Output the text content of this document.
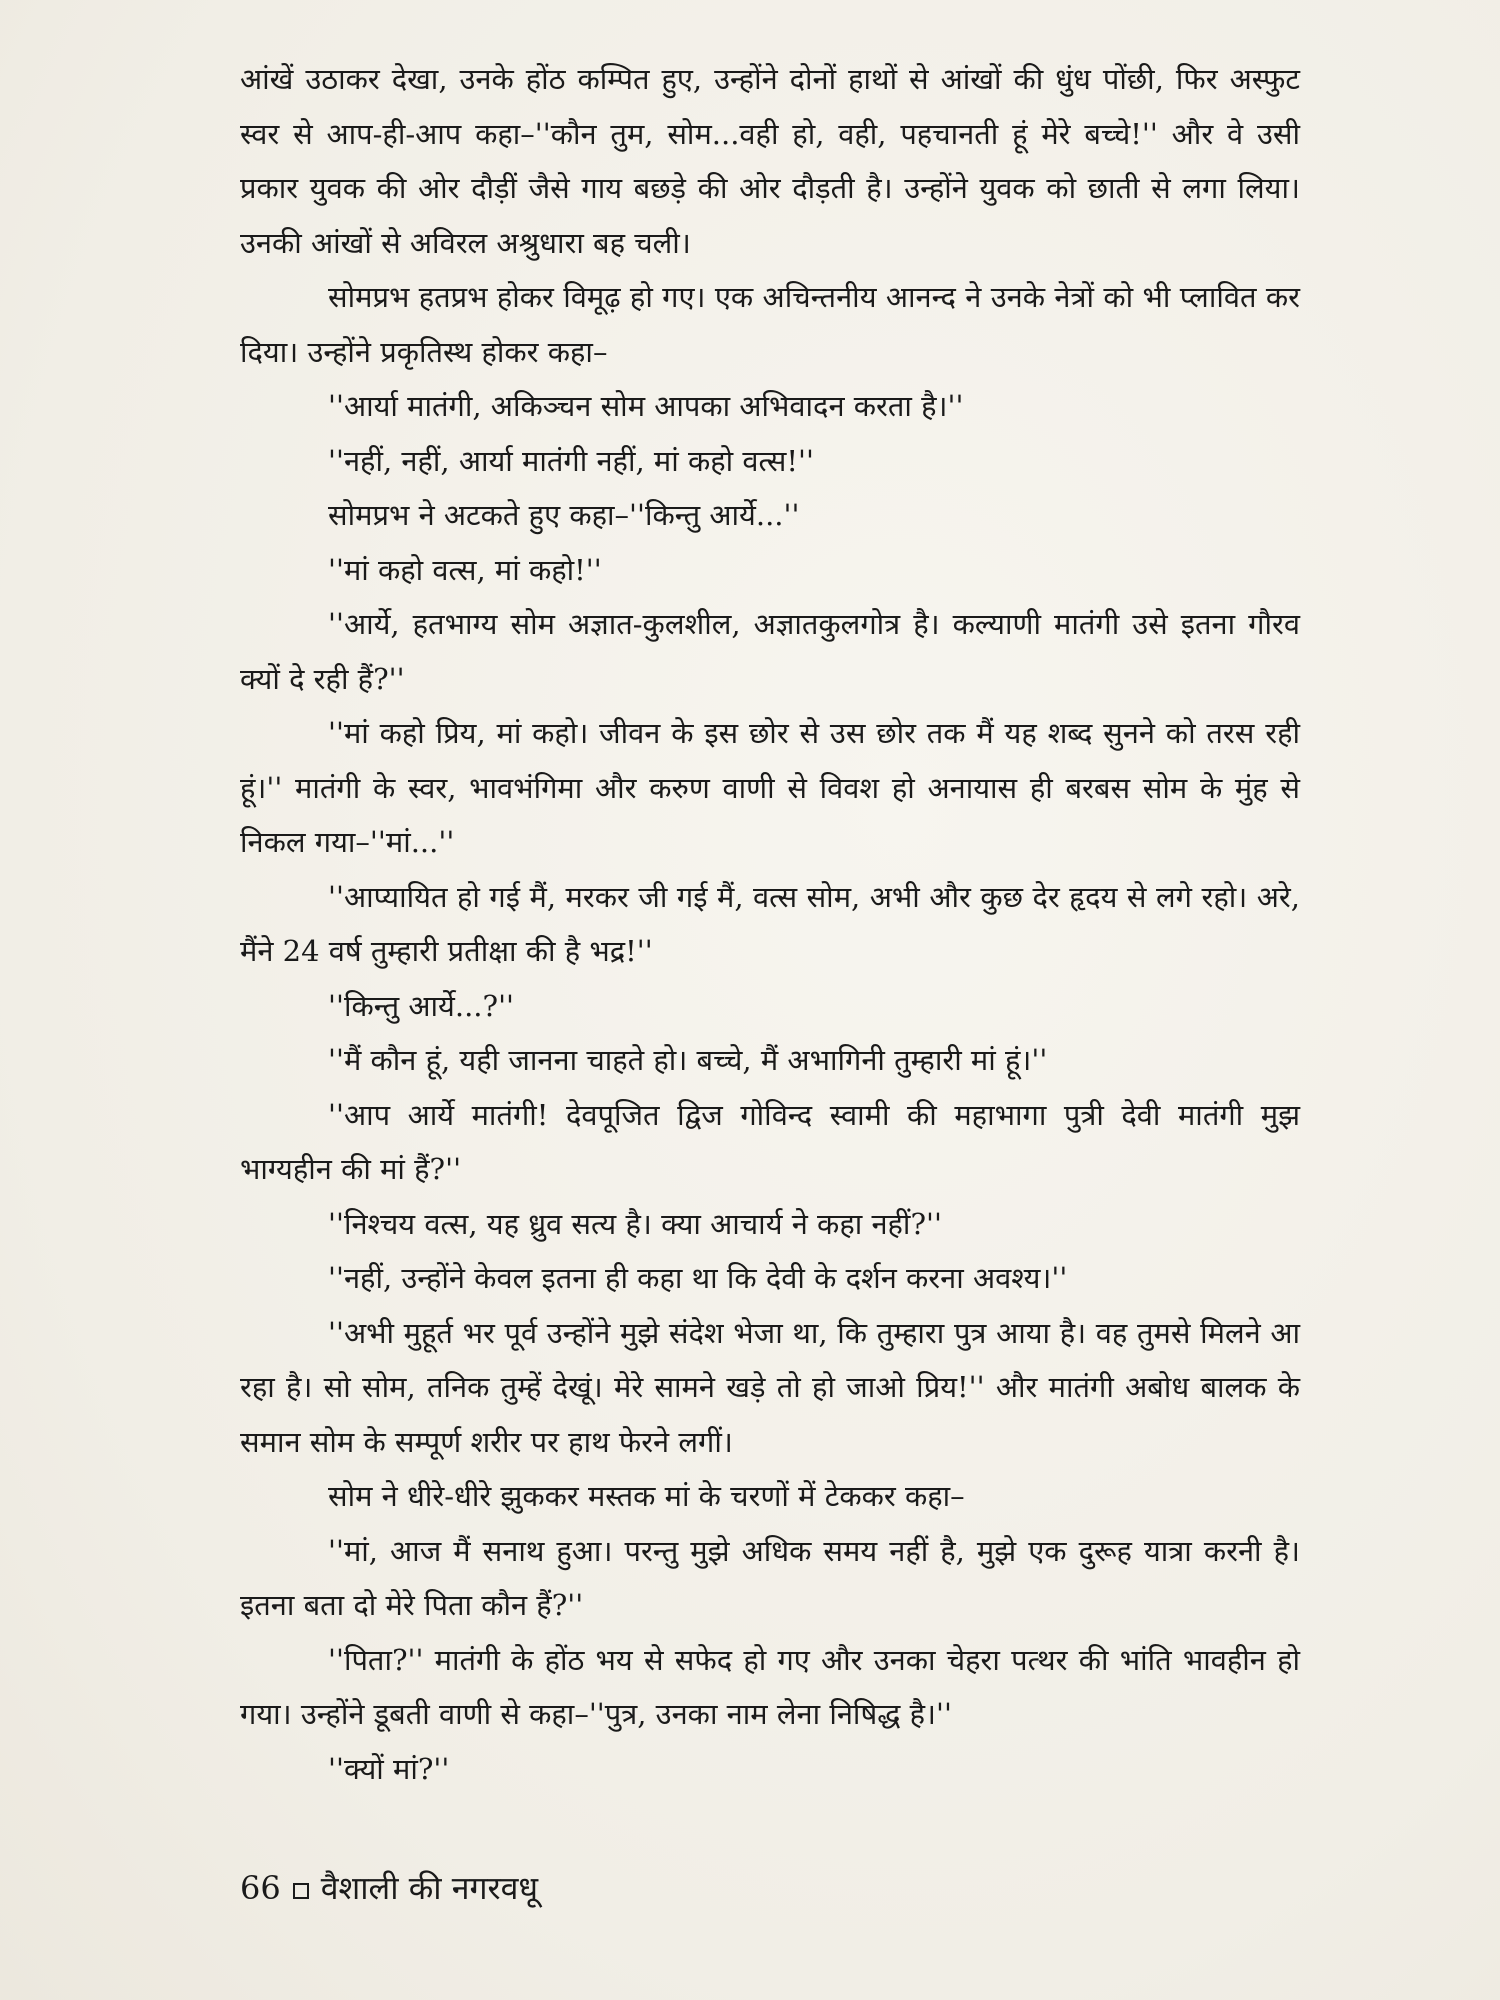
आंखें उठाकर देखा, उनके होंठ कम्पित हुए, उन्होंने दोनों हाथों से आंखों की धुंध पोंछी, फिर अस्फुट स्वर से आप-ही-आप कहा–''कौन तुम, सोम...वही हो, वही, पहचानती हूं मेरे बच्चे!'' और वे उसी प्रकार युवक की ओर दौड़ीं जैसे गाय बछड़े की ओर दौड़ती है। उन्होंने युवक को छाती से लगा लिया। उनकी आंखों से अविरल अश्रुधारा बह चली।

सोमप्रभ हतप्रभ होकर विमूढ़ हो गए। एक अचिन्तनीय आनन्द ने उनके नेत्रों को भी प्लावित कर दिया। उन्होंने प्रकृतिस्थ होकर कहा–

''आर्या मातंगी, अकिञ्चन सोम आपका अभिवादन करता है।''

''नहीं, नहीं, आर्या मातंगी नहीं, मां कहो वत्स!''

सोमप्रभ ने अटकते हुए कहा–''किन्तु आर्ये...''

''मां कहो वत्स, मां कहो!''

''आर्ये, हतभाग्य सोम अज्ञात-कुलशील, अज्ञातकुलगोत्र है। कल्याणी मातंगी उसे इतना गौरव क्यों दे रही हैं?''

''मां कहो प्रिय, मां कहो। जीवन के इस छोर से उस छोर तक मैं यह शब्द सुनने को तरस रही हूं।'' मातंगी के स्वर, भावभंगिमा और करुण वाणी से विवश हो अनायास ही बरबस सोम के मुंह से निकल गया–''मां...''

''आप्यायित हो गई मैं, मरकर जी गई मैं, वत्स सोम, अभी और कुछ देर हृदय से लगे रहो। अरे, मैंने 24 वर्ष तुम्हारी प्रतीक्षा की है भद्र!''

''किन्तु आर्ये...?''

''मैं कौन हूं, यही जानना चाहते हो। बच्चे, मैं अभागिनी तुम्हारी मां हूं।''

''आप आर्ये मातंगी! देवपूजित द्विज गोविन्द स्वामी की महाभागा पुत्री देवी मातंगी मुझ भाग्यहीन की मां हैं?''

''निश्चय वत्स, यह ध्रुव सत्य है। क्या आचार्य ने कहा नहीं?''

''नहीं, उन्होंने केवल इतना ही कहा था कि देवी के दर्शन करना अवश्य।''

''अभी मुहूर्त भर पूर्व उन्होंने मुझे संदेश भेजा था, कि तुम्हारा पुत्र आया है। वह तुमसे मिलने आ रहा है। सो सोम, तनिक तुम्हें देखूं। मेरे सामने खड़े तो हो जाओ प्रिय!'' और मातंगी अबोध बालक के समान सोम के सम्पूर्ण शरीर पर हाथ फेरने लगीं।

सोम ने धीरे-धीरे झुककर मस्तक मां के चरणों में टेककर कहा–

''मां, आज मैं सनाथ हुआ। परन्तु मुझे अधिक समय नहीं है, मुझे एक दुरूह यात्रा करनी है। इतना बता दो मेरे पिता कौन हैं?''

''पिता?'' मातंगी के होंठ भय से सफेद हो गए और उनका चेहरा पत्थर की भांति भावहीन हो गया। उन्होंने डूबती वाणी से कहा–''पुत्र, उनका नाम लेना निषिद्ध है।''

''क्यों मां?''

66 वैशाली की नगरवधू
